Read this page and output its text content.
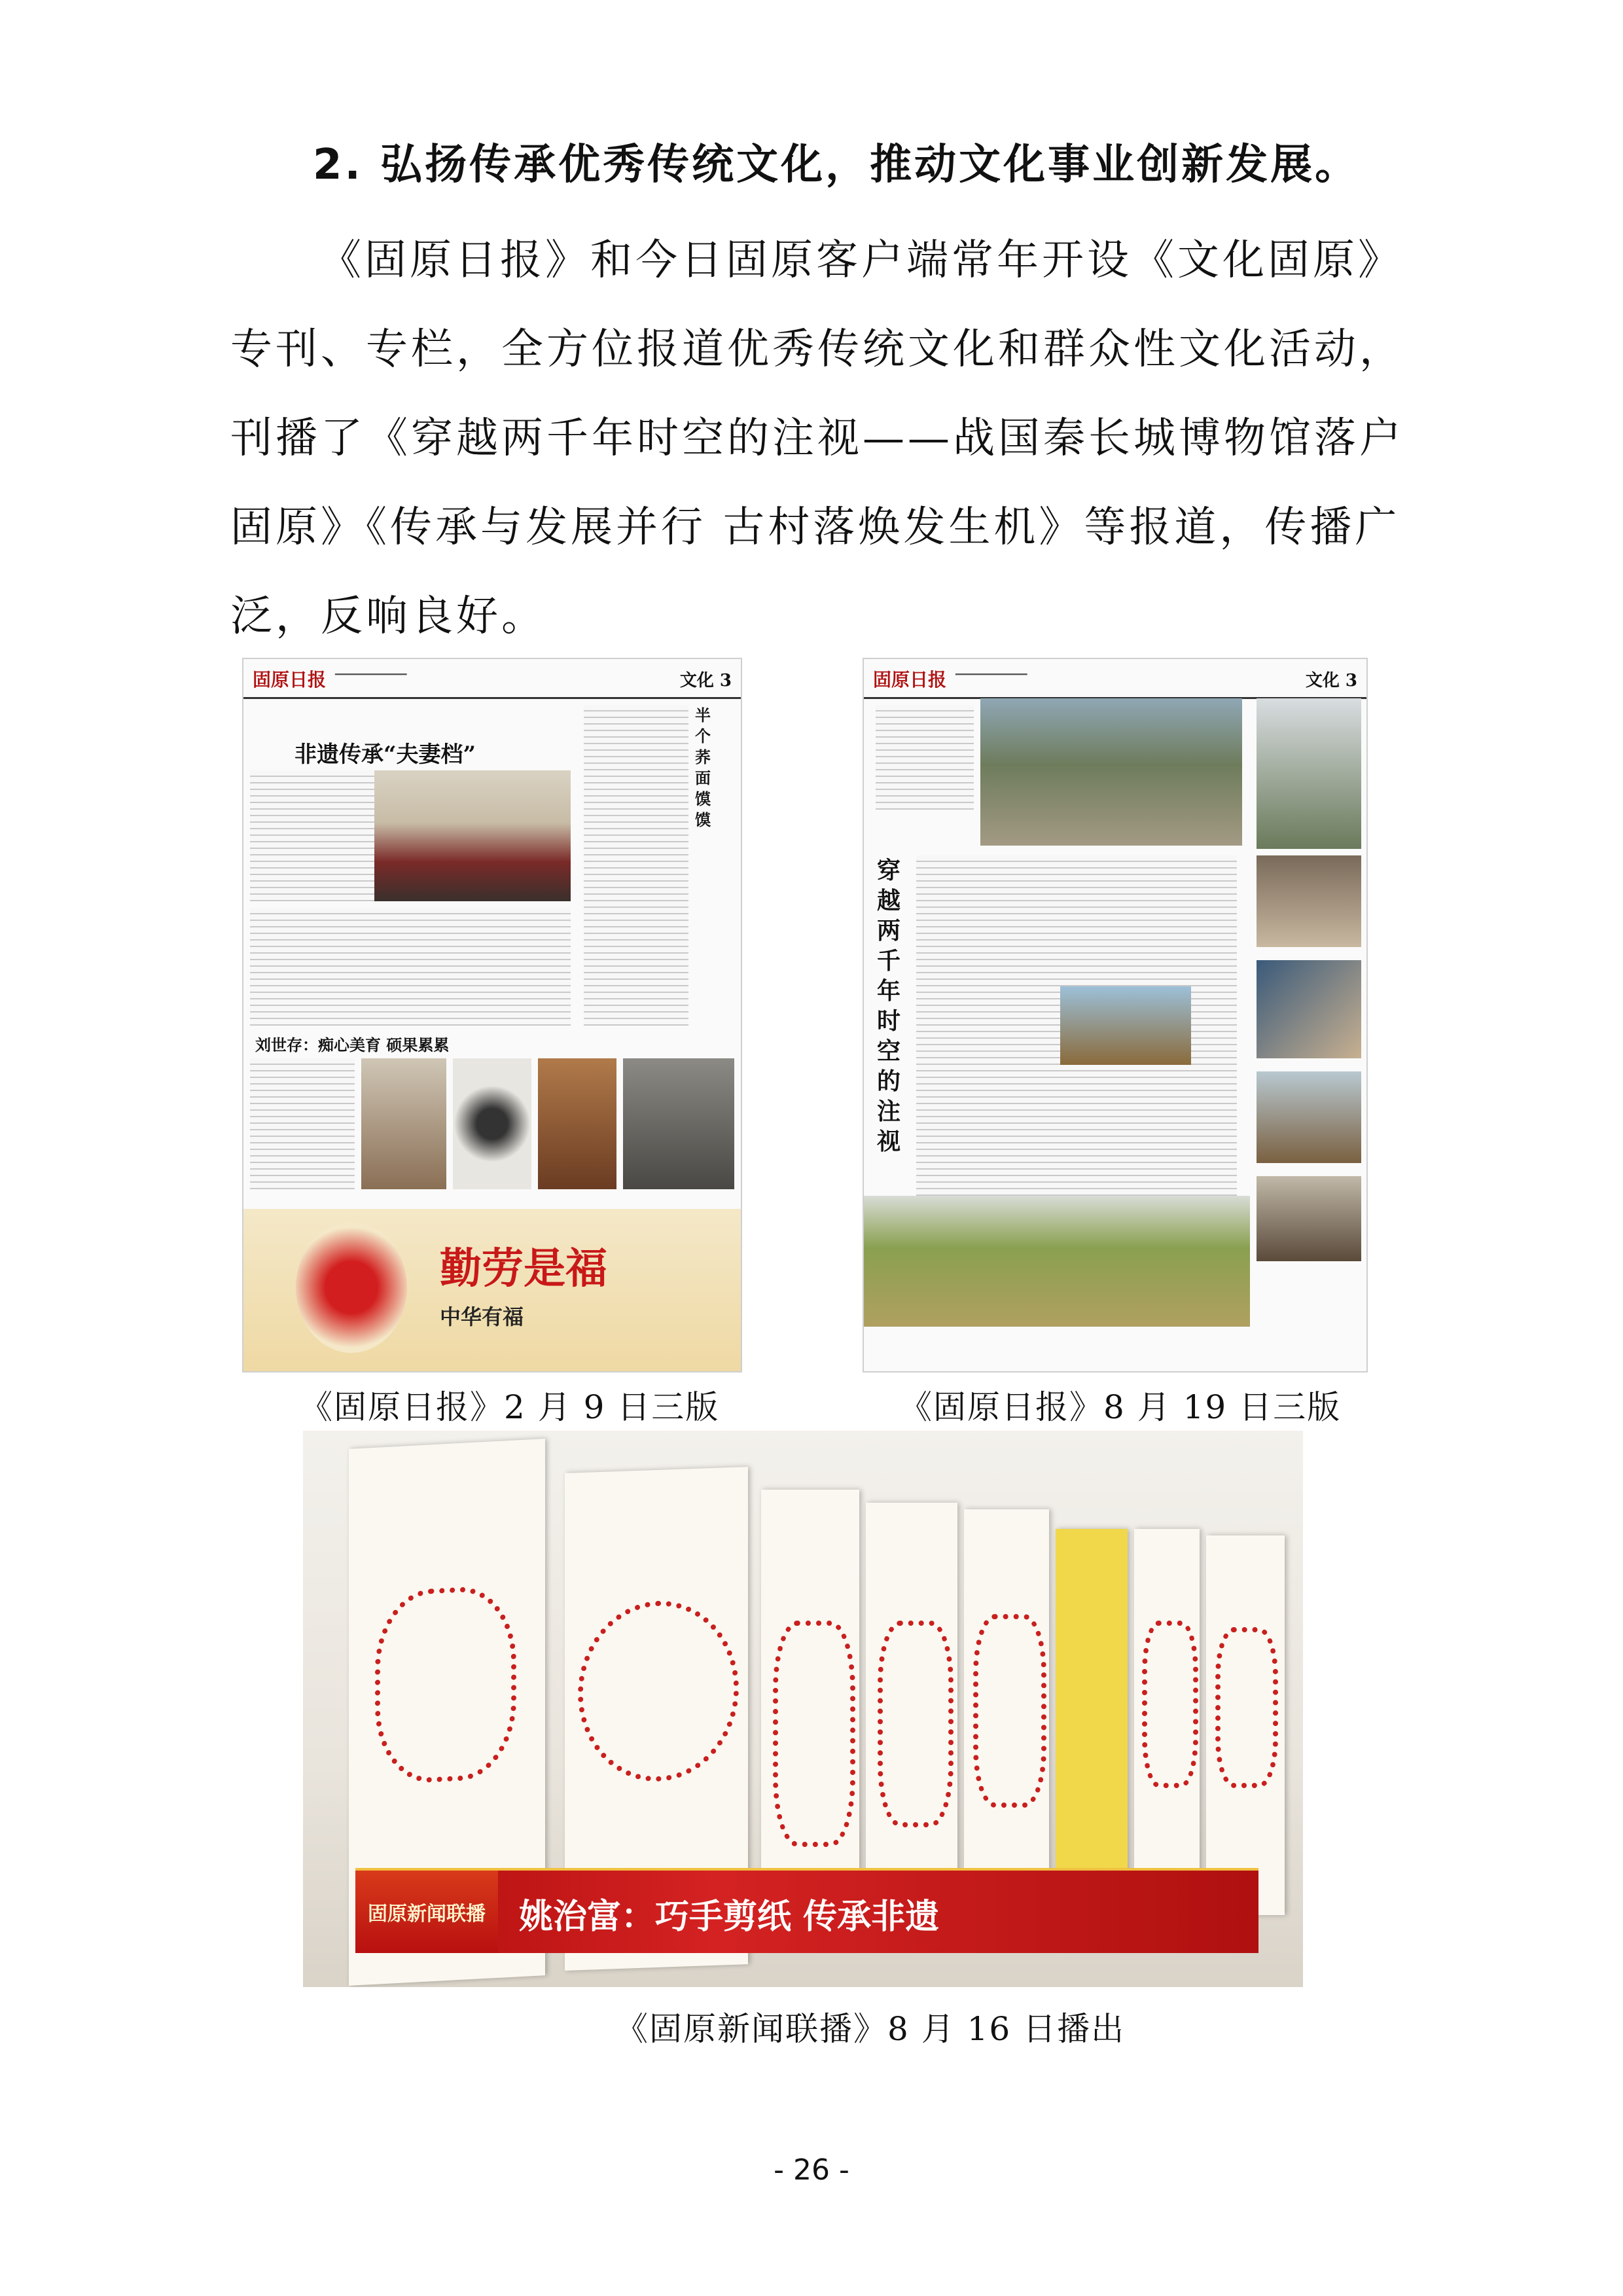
2. 弘扬传承优秀传统文化，推动文化事业创新发展。
《固原日报》和今日固原客户端常年开设《文化固原》专刊、专栏，全方位报道优秀传统文化和群众性文化活动，刊播了《穿越两千年时空的注视——战国秦长城博物馆落户固原》《传承与发展并行 古村落焕发生机》等报道，传播广泛，反响良好。
固原日报 ━━━━━━━━━━━━━	文化 3
非遗传承“夫妻档”
半个荞面馍馍
刘世存：痴心美育 硕果累累
勤劳是福
中华有福
固原日报 ━━━━━━━━━━━━━	文化 3
穿越两千年时空的注视
《固原日报》2 月 9 日三版	《固原日报》8 月 19 日三版
固原新闻联播 姚治富：巧手剪纸 传承非遗
《固原新闻联播》8 月 16 日播出
- 26 -
